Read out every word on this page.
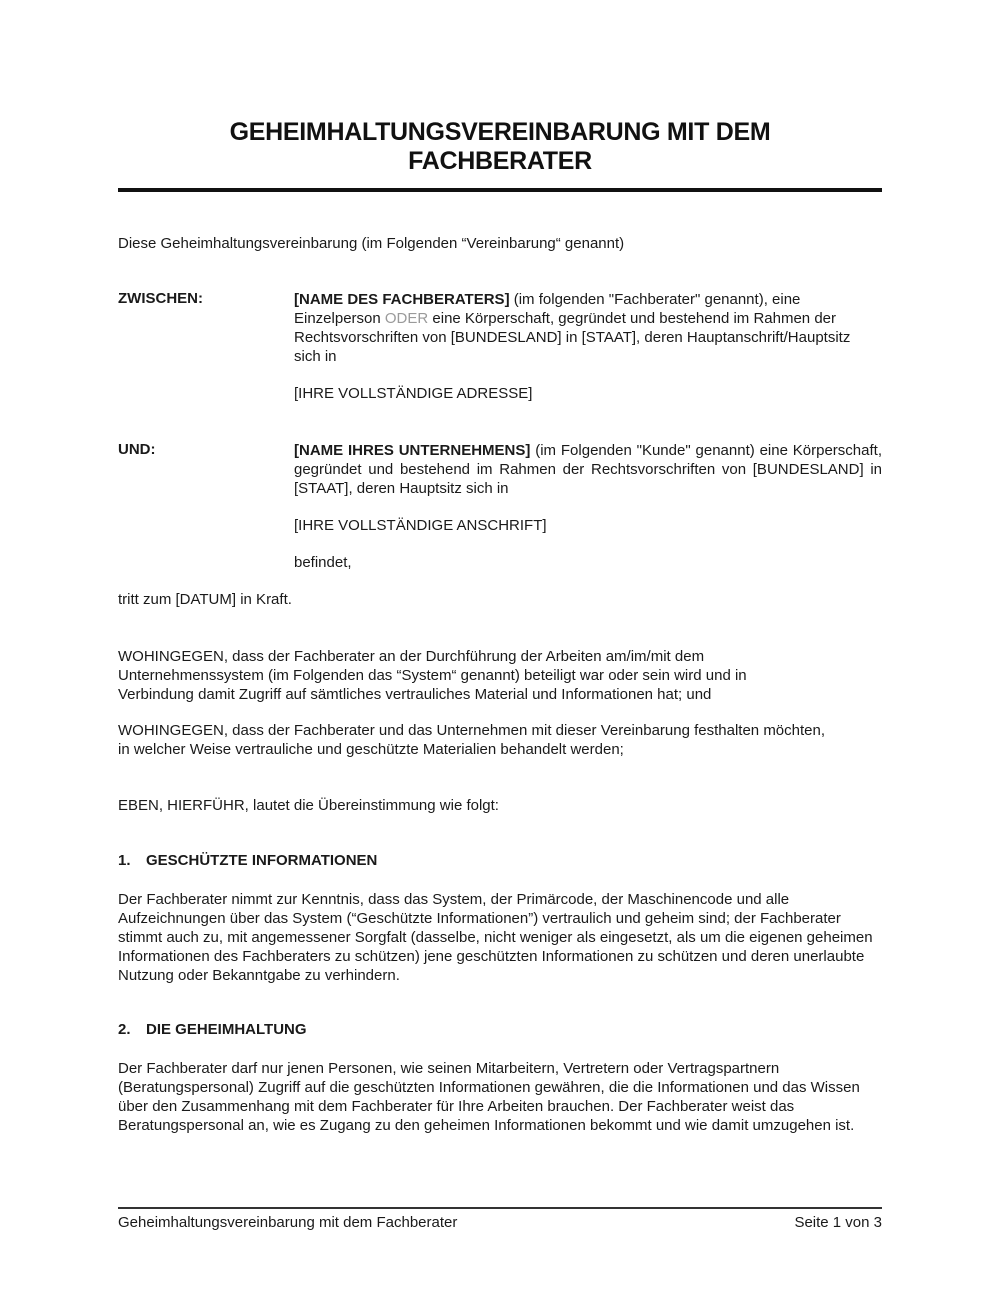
GEHEIMHALTUNGSVEREINBARUNG MIT DEM
FACHBERATER
Diese Geheimhaltungsvereinbarung (im Folgenden “Vereinbarung“ genannt)
ZWISCHEN:	[NAME DES FACHBERATERS] (im folgenden "Fachberater" genannt), eine Einzelperson ODER eine Körperschaft, gegründet und bestehend im Rahmen der Rechtsvorschriften von [BUNDESLAND] in [STAAT], deren Hauptanschrift/Hauptsitz sich in
[IHRE VOLLSTÄNDIGE ADRESSE]
UND:	[NAME IHRES UNTERNEHMENS] (im Folgenden "Kunde" genannt) eine Körperschaft, gegründet und bestehend im Rahmen der Rechtsvorschriften von [BUNDESLAND] in [STAAT], deren Hauptsitz sich in
[IHRE VOLLSTÄNDIGE ANSCHRIFT]
befindet,
tritt zum [DATUM] in Kraft.
WOHINGEGEN, dass der Fachberater an der Durchführung der Arbeiten am/im/mit dem Unternehmenssystem (im Folgenden das “System“ genannt) beteiligt war oder sein wird und in Verbindung damit Zugriff auf sämtliches vertrauliches Material und Informationen hat; und
WOHINGEGEN, dass der Fachberater und das Unternehmen mit dieser Vereinbarung festhalten möchten, in welcher Weise vertrauliche und geschützte Materialien behandelt werden;
EBEN, HIERFÜHR, lautet die Übereinstimmung wie folgt:
1. GESCHÜTZTE INFORMATIONEN
Der Fachberater nimmt zur Kenntnis, dass das System, der Primärcode, der Maschinencode und alle Aufzeichnungen über das System (“Geschützte Informationen”) vertraulich und geheim sind; der Fachberater stimmt auch zu, mit angemessener Sorgfalt (dasselbe, nicht weniger als eingesetzt, als um die eigenen geheimen Informationen des Fachberaters zu schützen) jene geschützten Informationen zu schützen und deren unerlaubte Nutzung oder Bekanntgabe zu verhindern.
2. DIE GEHEIMHALTUNG
Der Fachberater darf nur jenen Personen, wie seinen Mitarbeitern, Vertretern oder Vertragspartnern (Beratungspersonal) Zugriff auf die geschützten Informationen gewähren, die die Informationen und das Wissen über den Zusammenhang mit dem Fachberater für Ihre Arbeiten brauchen. Der Fachberater weist das Beratungspersonal an, wie es Zugang zu den geheimen Informationen bekommt und wie damit umzugehen ist.
Geheimhaltungsvereinbarung mit dem Fachberater	Seite 1 von 3
